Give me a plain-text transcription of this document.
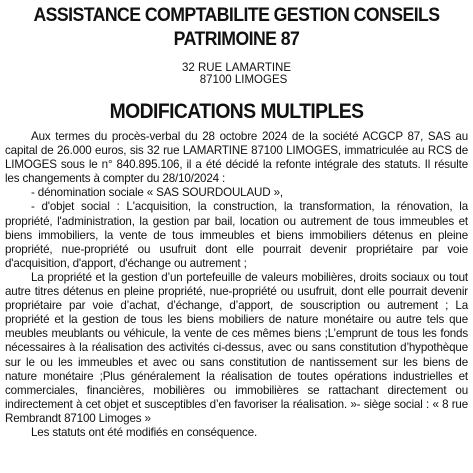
ASSISTANCE COMPTABILITE GESTION CONSEILS
PATRIMOINE 87
32 RUE LAMARTINE
87100 LIMOGES
MODIFICATIONS MULTIPLES

Aux termes du procès-verbal du 28 octobre 2024 de la société ACGCP 87, SAS au capital de 26.000 euros, sis 32 rue LAMARTINE 87100 LIMOGES, immatriculée au RCS de LIMOGES sous le n° 840.895.106, il a été décidé la refonte intégrale des statuts. Il résulte les changements à compter du 28/10/2024 :

- dénomination sociale « SAS SOURDOULAUD »,

- d'objet social : L'acquisition, la construction, la transformation, la rénovation, la propriété, l'administration, la gestion par bail, location ou autrement de tous immeubles et biens immobiliers, la vente de tous immeubles et biens immobiliers détenus en pleine propriété, nue-propriété ou usufruit dont elle pourrait devenir propriétaire par voie d'acquisition, d'apport, d'échange ou autrement ;

La propriété et la gestion d’un portefeuille de valeurs mobilières, droits sociaux ou tout autre titres détenus en pleine propriété, nue-propriété ou usufruit, dont elle pourrait devenir propriétaire par voie d’achat, d’échange, d’apport, de souscription ou autrement ; La propriété et la gestion de tous les biens mobiliers de nature monétaire ou autre tels que meubles meublants ou véhicule, la vente de ces mêmes biens ;L’emprunt de tous les fonds nécessaires à la réalisation des activités ci-dessus, avec ou sans constitution d’hypothèque sur le ou les immeubles et avec ou sans constitution de nantissement sur les biens de nature monétaire ;Plus généralement la réalisation de toutes opérations industrielles et commerciales, financières, mobilières ou immobilières se rattachant directement ou indirectement à cet objet et susceptibles d’en favoriser la réalisation. »- siège social : « 8 rue Rembrandt 87100 Limoges »

Les statuts ont été modifiés en conséquence.
